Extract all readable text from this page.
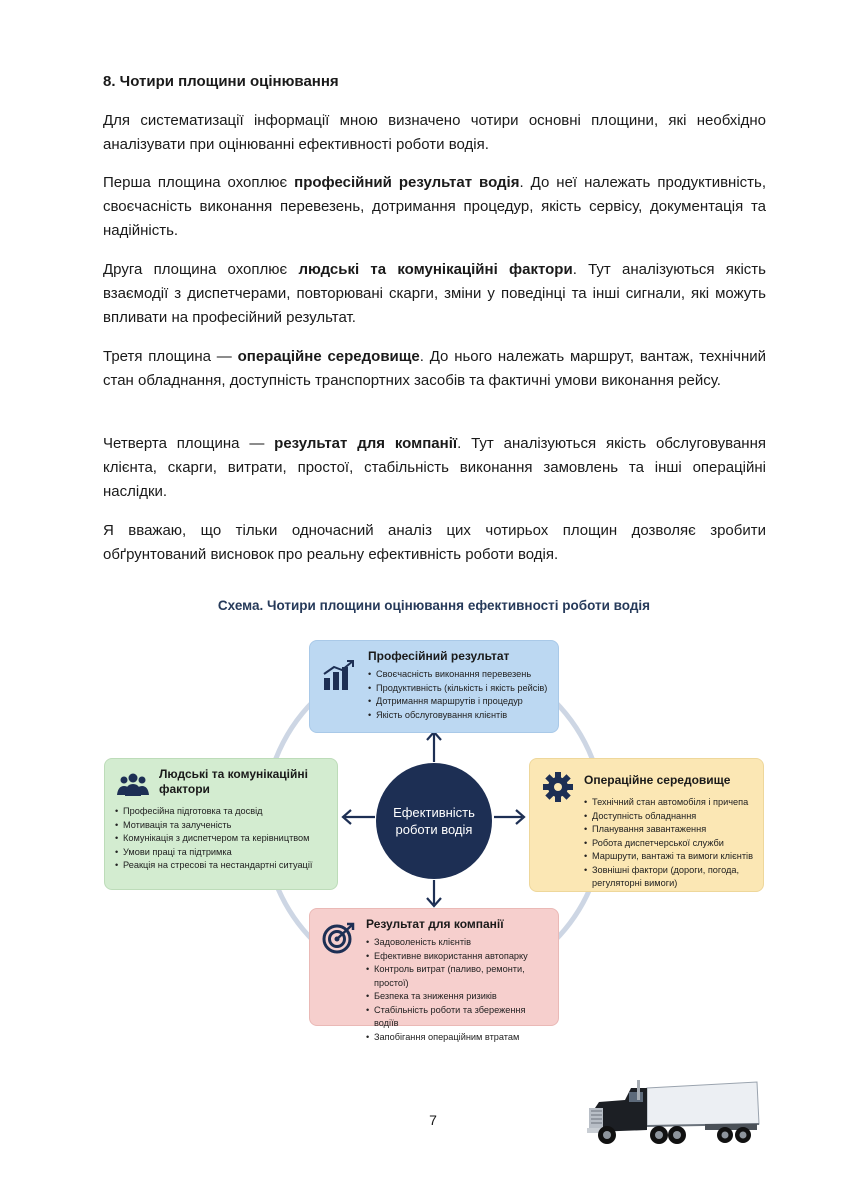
8. Чотири площини оцінювання

Для систематизації інформації мною визначено чотири основні площини, які необхідно аналізувати при оцінюванні ефективності роботи водія.

Перша площина охоплює професійний результат водія. До неї належать продуктивність, своєчасність виконання перевезень, дотримання процедур, якість сервісу, документація та надійність.

Друга площина охоплює людські та комунікаційні фактори. Тут аналізуються якість взаємодії з диспетчерами, повторювані скарги, зміни у поведінці та інші сигнали, які можуть впливати на професійний результат.

Третя площина — операційне середовище. До нього належать маршрут, вантаж, технічний стан обладнання, доступність транспортних засобів та фактичні умови виконання рейсу.

Четверта площина — результат для компанії. Тут аналізуються якість обслуговування клієнта, скарги, витрати, простої, стабільність виконання замовлень та інші операційні наслідки.

Я вважаю, що тільки одночасний аналіз цих чотирьох площин дозволяє зробити обґрунтований висновок про реальну ефективність роботи водія.

Схема. Чотири площини оцінювання ефективності роботи водія
Ефективність
роботи водія
Професійний результат
• Своєчасність виконання перевезень
• Продуктивність (кількість і якість рейсів)
• Дотримання маршрутів і процедур
• Якість обслуговування клієнтів
Людські та комунікаційні
фактори
• Професійна підготовка та досвід
• Мотивація та залученість
• Комунікація з диспетчером та керівництвом
• Умови праці та підтримка
• Реакція на стресові та нестандартні ситуації
Операційне середовище
• Технічний стан автомобіля і причепа
• Доступність обладнання
• Планування завантаження
• Робота диспетчерської служби
• Маршрути, вантажі та вимоги клієнтів
• Зовнішні фактори (дороги, погода,
регуляторні вимоги)
Результат для компанії
• Задоволеність клієнтів
• Ефективне використання автопарку
• Контроль витрат (паливо, ремонти, простої)
• Безпека та зниження ризиків
• Стабільність роботи та збереження водіїв
• Запобігання операційним втратам
7
